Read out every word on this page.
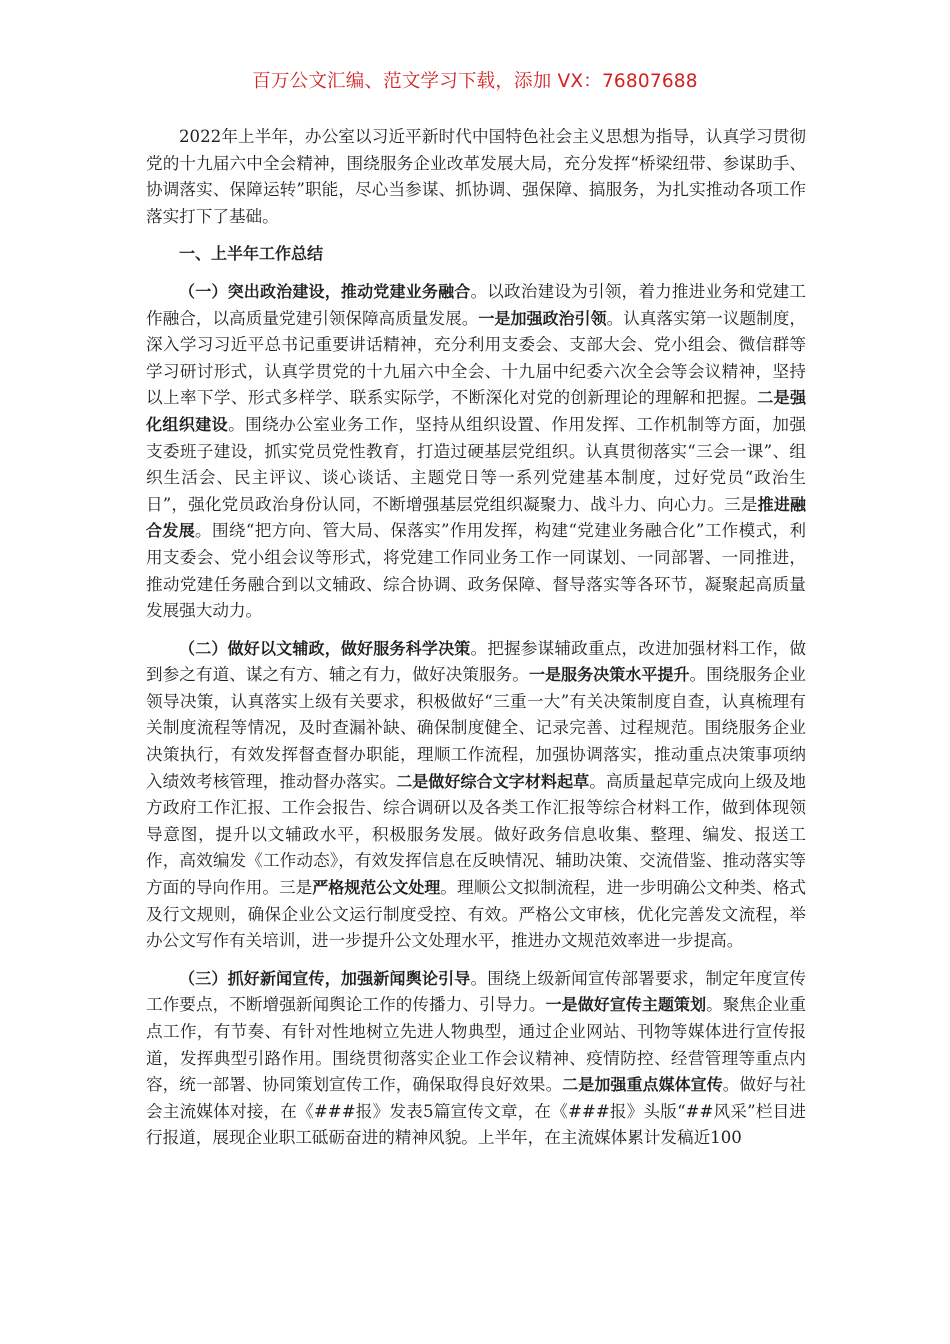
百万公文汇编、范文学习下载，添加 VX：76807688

2022年上半年，办公室以习近平新时代中国特色社会主义思想为指导，认真学习贯彻党的十九届六中全会精神，围绕服务企业改革发展大局，充分发挥“桥梁纽带、参谋助手、协调落实、保障运转”职能，尽心当参谋、抓协调、强保障、搞服务，为扎实推动各项工作落实打下了基础。

一、上半年工作总结

（一）突出政治建设，推动党建业务融合。以政治建设为引领，着力推进业务和党建工作融合，以高质量党建引领保障高质量发展。一是加强政治引领。认真落实第一议题制度，深入学习习近平总书记重要讲话精神，充分利用支委会、支部大会、党小组会、微信群等学习研讨形式，认真学贯党的十九届六中全会、十九届中纪委六次全会等会议精神，坚持以上率下学、形式多样学、联系实际学，不断深化对党的创新理论的理解和把握。二是强化组织建设。围绕办公室业务工作，坚持从组织设置、作用发挥、工作机制等方面，加强支委班子建设，抓实党员党性教育，打造过硬基层党组织。认真贯彻落实“三会一课”、组织生活会、民主评议、谈心谈话、主题党日等一系列党建基本制度，过好党员“政治生日”，强化党员政治身份认同，不断增强基层党组织凝聚力、战斗力、向心力。三是推进融合发展。围绕“把方向、管大局、保落实”作用发挥，构建“党建业务融合化”工作模式，利用支委会、党小组会议等形式，将党建工作同业务工作一同谋划、一同部署、一同推进，推动党建任务融合到以文辅政、综合协调、政务保障、督导落实等各环节，凝聚起高质量发展强大动力。

（二）做好以文辅政，做好服务科学决策。把握参谋辅政重点，改进加强材料工作，做到参之有道、谋之有方、辅之有力，做好决策服务。一是服务决策水平提升。围绕服务企业领导决策，认真落实上级有关要求，积极做好“三重一大”有关决策制度自查，认真梳理有关制度流程等情况，及时查漏补缺、确保制度健全、记录完善、过程规范。围绕服务企业决策执行，有效发挥督查督办职能，理顺工作流程，加强协调落实，推动重点决策事项纳入绩效考核管理，推动督办落实。二是做好综合文字材料起草。高质量起草完成向上级及地方政府工作汇报、工作会报告、综合调研以及各类工作汇报等综合材料工作，做到体现领导意图，提升以文辅政水平，积极服务发展。做好政务信息收集、整理、编发、报送工作，高效编发《工作动态》，有效发挥信息在反映情况、辅助决策、交流借鉴、推动落实等方面的导向作用。三是严格规范公文处理。理顺公文拟制流程，进一步明确公文种类、格式及行文规则，确保企业公文运行制度受控、有效。严格公文审核，优化完善发文流程，举办公文写作有关培训，进一步提升公文处理水平，推进办文规范效率进一步提高。

（三）抓好新闻宣传，加强新闻舆论引导。围绕上级新闻宣传部署要求，制定年度宣传工作要点，不断增强新闻舆论工作的传播力、引导力。一是做好宣传主题策划。聚焦企业重点工作，有节奏、有针对性地树立先进人物典型，通过企业网站、刊物等媒体进行宣传报道，发挥典型引路作用。围绕贯彻落实企业工作会议精神、疫情防控、经营管理等重点内容，统一部署、协同策划宣传工作，确保取得良好效果。二是加强重点媒体宣传。做好与社会主流媒体对接，在《###报》发表5篇宣传文章，在《###报》头版“##风采”栏目进行报道，展现企业职工砥砺奋进的精神风貌。上半年，在主流媒体累计发稿近100
